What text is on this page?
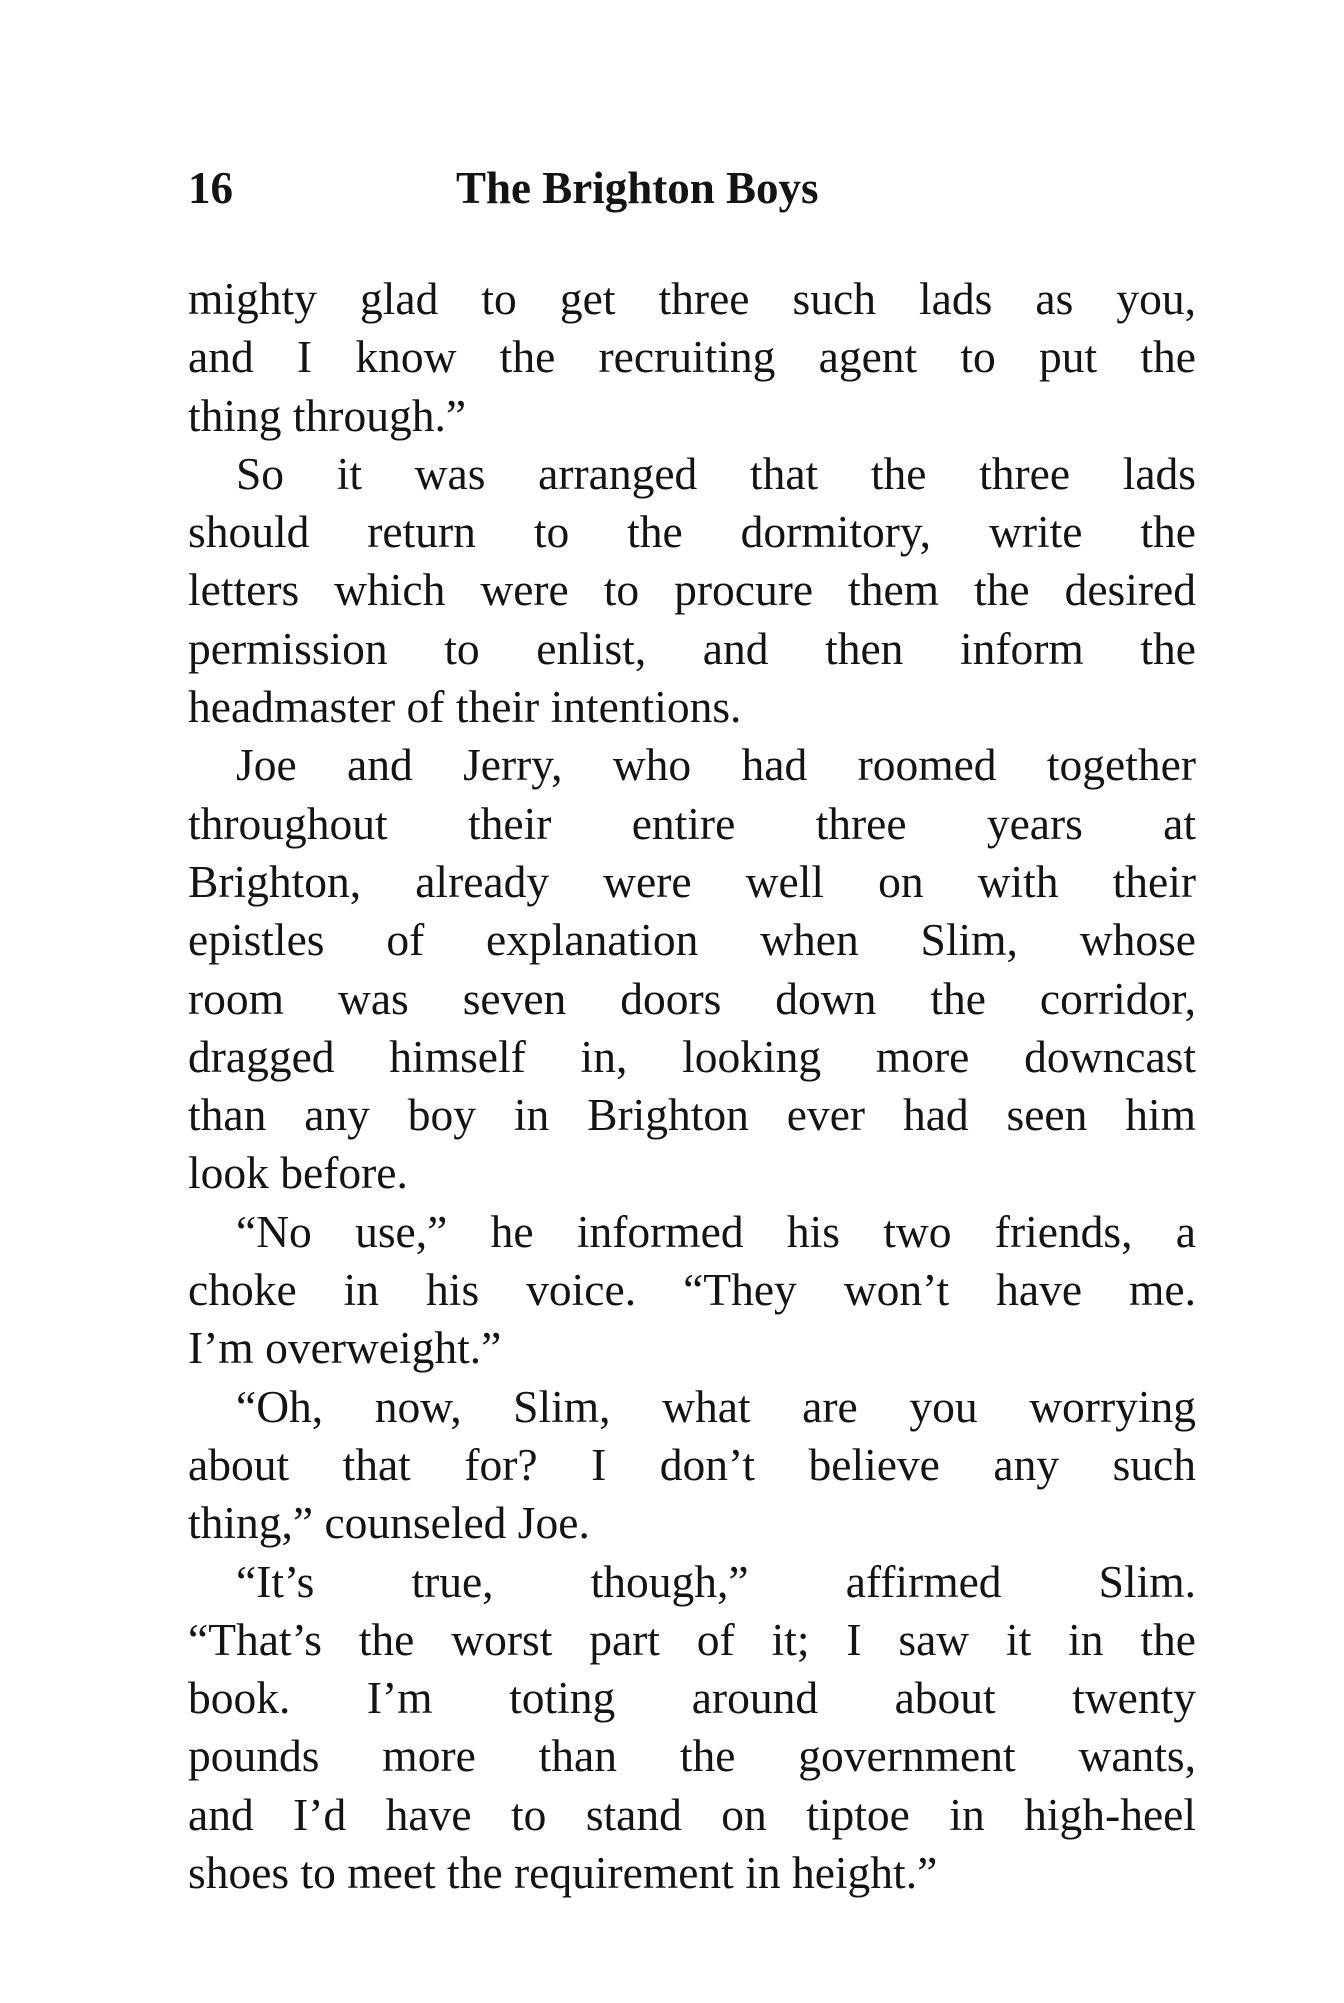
16	The Brighton Boys
mighty glad to get three such lads as you,
and I know the recruiting agent to put the
thing through.”
So it was arranged that the three lads
should return to the dormitory, write the
letters which were to procure them the desired
permission to enlist, and then inform the
headmaster of their intentions.
Joe and Jerry, who had roomed together
throughout their entire three years at
Brighton, already were well on with their
epistles of explanation when Slim, whose
room was seven doors down the corridor,
dragged himself in, looking more downcast
than any boy in Brighton ever had seen him
look before.
“No use,” he informed his two friends, a
choke in his voice. “They won’t have me.
I’m overweight.”
“Oh, now, Slim, what are you worrying
about that for? I don’t believe any such
thing,” counseled Joe.
“It’s true, though,” affirmed Slim.
“That’s the worst part of it; I saw it in the
book. I’m toting around about twenty
pounds more than the government wants,
and I’d have to stand on tiptoe in high-heel
shoes to meet the requirement in height.”
